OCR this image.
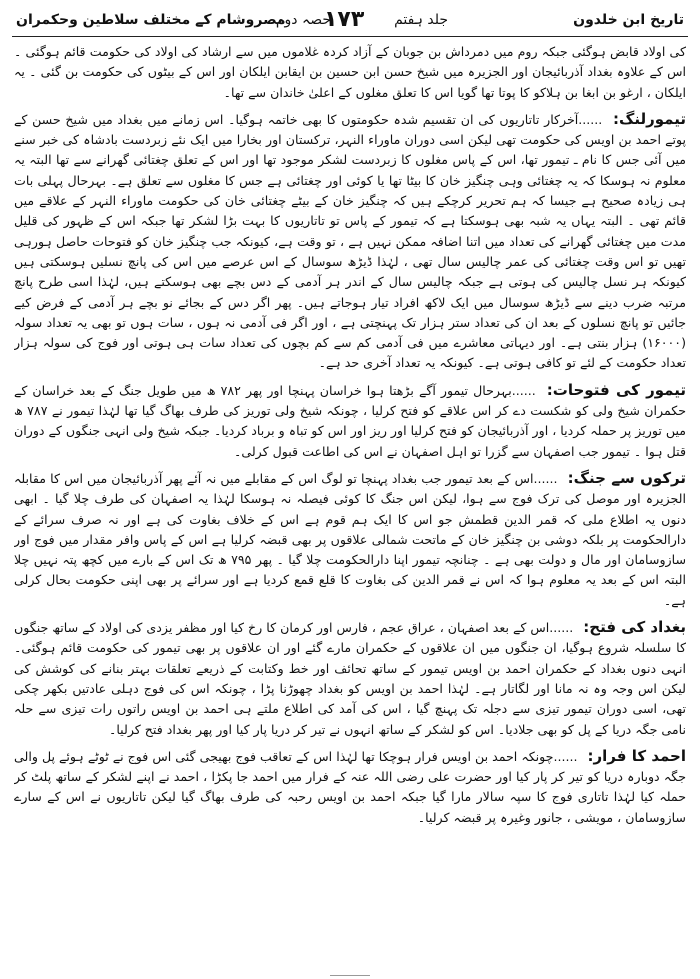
تاریخ ابن خلدون
جلد ہفتم
حصہ دوم
۱۷۳
مصروشام کے مختلف سلاطین وحکمران

کی اولاد قابض ہوگئی جبکہ روم میں دمرداش بن جوبان کے آزاد کردہ غلاموں میں سے ارشاد کی اولاد کی حکومت قائم ہوگئی ۔ اس کے علاوہ بغداد آذربائیجان اور الجزیرہ میں شیخ حسن ابن حسین بن ایقابن ایلکان اور اس کے بیٹوں کی حکومت بن گئی ۔ یہ ایلکان ، ارغو بن ابغا بن ہلاکو کا پوتا تھا گویا اس کا تعلق مغلوں کے اعلیٰ خاندان سے تھا۔

تیمورلنگ: ......آخرکار تاتاریوں کی ان تقسیم شدہ حکومتوں کا بھی خاتمہ ہوگیا۔ اس زمانے میں بغداد میں شیخ حسن کے پوتے احمد بن اویس کی حکومت تھی لیکن اسی دوران ماوراء النہر، ترکستان اور بخارا میں ایک نئے زبردست بادشاہ کی خبر سنے میں آئی جس کا نام ـ تیمور تھا، اس کے پاس مغلوں کا زبردست لشکر موجود تھا اور اس کے تعلق چغتائی گھرانے سے تھا البتہ یہ معلوم نہ ہوسکا کہ یہ چغتائی وہی چنگیز خان کا بیٹا تھا یا کوئی اور چغتائی ہے جس کا مغلوں سے تعلق ہے۔ بہرحال پہلی بات ہی زیادہ صحیح ہے جیسا کہ ہم تحریر کرچکے ہیں کہ چنگیز خان کے بیٹے چغتائی خان کی حکومت ماوراء النہر کے علاقے میں قائم تھی ۔ البتہ یہاں یہ شبہ بھی ہوسکتا ہے کہ تیمور کے پاس تو تاتاریوں کا بہت بڑا لشکر تھا جبکہ اس کے ظہور کی قلیل مدت میں چغتائی گھرانے کی تعداد میں اتنا اضافہ ممکن نہیں ہے ، تو وقت ہے، کیونکہ جب چنگیز خان کو فتوحات حاصل ہورہی تھیں تو اس وقت چغتائی کی عمر چالیس سال تھی ، لہٰذا ڈیڑھ سوسال کے اس عرصے میں اس کی پانچ نسلیں ہوسکتی ہیں کیونکہ ہر نسل چالیس کی ہوتی ہے جبکہ چالیس سال کے اندر ہر آدمی کے دس بچے بھی ہوسکتے ہیں، لہٰذا اسی طرح پانچ مرتبہ ضرب دینے سے ڈیڑھ سوسال میں ایک لاکھ افراد تیار ہوجاتے ہیں۔ پھر اگر دس کے بجائے نو بچے ہر آدمی کے فرض کیے جائیں تو پانچ نسلوں کے بعد ان کی تعداد ستر ہزار تک پہنچتی ہے ، اور اگر فی آدمی نہ ہوں ، سات ہوں تو بھی یہ تعداد سولہ (۱۶۰۰۰) ہزار بنتی ہے۔ اور دیہاتی معاشرے میں فی آدمی کم سے کم بچوں کی تعداد سات ہی ہوتی اور فوج کی سولہ ہزار تعداد حکومت کے لئے تو کافی ہوتی ہے۔ کیونکہ یہ تعداد آخری حد ہے۔

تیمور کی فتوحات: ......بہرحال تیمور آگے بڑھتا ہوا خراسان پہنچا اور پھر ۷۸۲ ھ میں طویل جنگ کے بعد خراسان کے حکمران شیخ ولی کو شکست دے کر اس علاقے کو فتح کرلیا ، چونکہ شیخ ولی توریز کی طرف بھاگ گیا تھا لہٰذا تیمور نے ۷۸۷ ھ میں توریز پر حملہ کردیا ، اور آذربائیجان کو فتح کرلیا اور ریز اور اس کو تباہ و برباد کردیا۔ جبکہ شیخ ولی انہی جنگوں کے دوران قتل ہوا ۔ تیمور جب اصفہان سے گزرا تو اہل اصفہان نے اس کی اطاعت قبول کرلی۔

ترکوں سے جنگ: ......اس کے بعد تیمور جب بغداد پہنچا تو لوگ اس کے مقابلے میں نہ آئے پھر آذربائیجان میں اس کا مقابلہ الجزیرہ اور موصل کی ترک فوج سے ہوا، لیکن اس جنگ کا کوئی فیصلہ نہ ہوسکا لہٰذا یہ اصفہان کی طرف چلا گیا ۔ ابھی دنوں یہ اطلاع ملی کہ قمر الدین قطمش جو اس کا ایک ہم قوم ہے اس کے خلاف بغاوت کی ہے اور نہ صرف سرائے کے دارالحکومت پر بلکہ دوشی بن چنگیز خان کے ماتحت شمالی علاقوں پر بھی قبضہ کرلیا ہے اس کے پاس وافر مقدار میں فوج اور سازوسامان اور مال و دولت بھی ہے ۔ چنانچہ تیمور اپنا دارالحکومت چلا گیا ۔ پھر ۷۹۵ ھ تک اس کے بارے میں کچھ پتہ نہیں چلا البتہ اس کے بعد یہ معلوم ہوا کہ اس نے قمر الدین کی بغاوت کا قلع قمع کردیا ہے اور سرائے پر بھی اپنی حکومت بحال کرلی ہے۔

بغداد کی فتح: ......اس کے بعد اصفہان ، عراق عجم ، فارس اور کرمان کا رخ کیا اور مظفر یزدی کی اولاد کے ساتھ جنگوں کا سلسلہ شروع ہوگیا، ان جنگوں میں ان علاقوں کے حکمران مارے گئے اور ان علاقوں پر بھی تیمور کی حکومت قائم ہوگئی۔ انہی دنوں بغداد کے حکمران احمد بن اویس تیمور کے ساتھ تحائف اور خط وکتابت کے ذریعے تعلقات بہتر بنانے کی کوشش کی لیکن اس وجہ وہ نہ مانا اور لگاتار ہے۔ لہٰذا احمد بن اویس کو بغداد چھوڑنا پڑا ، چونکہ اس کی فوج دہلی عادتیں بکھر چکی تھی، اسی دوران تیمور تیزی سے دجلہ تک پہنچ گیا ، اس کی آمد کی اطلاع ملتے ہی احمد بن اویس راتوں رات تیزی سے حلہ نامی جگہ دریا کے پل کو بھی جلادیا۔ اس کو لشکر کے ساتھ انہوں نے تیر کر دریا پار کیا اور پھر بغداد فتح کرلیا۔

احمد کا فرار: ......چونکہ احمد بن اویس فرار ہوچکا تھا لہٰذا اس کے تعاقب فوج بھیجی گئی اس فوج نے ٹوٹے ہوئے پل والی جگہ دوبارہ دریا کو تیر کر پار کیا اور حضرت علی رضی اللہ عنہ کے فرار میں احمد جا پکڑا ، احمد نے اپنے لشکر کے ساتھ پلٹ کر حملہ کیا لہٰذا تاتاری فوج کا سپہ سالار مارا گیا جبکہ احمد بن اویس رحبہ کی طرف بھاگ گیا لیکن تاتاریوں نے اس کے سارے سازوسامان ، مویشی ، جانور وغیرہ پر قبضہ کرلیا۔
